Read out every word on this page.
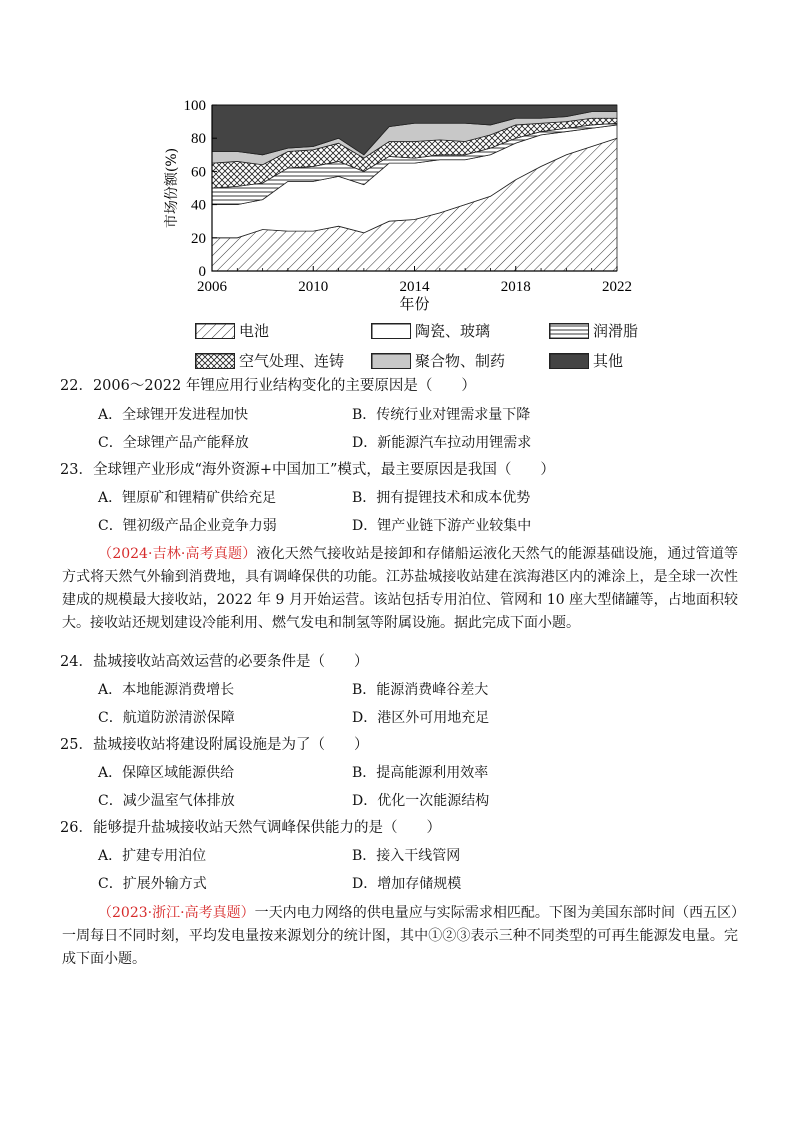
0
20
40
60
80
100
2006	2010	2014	2018	2022
年份
市场份额(%)
电池	陶瓷、玻璃	润滑脂
空气处理、连铸	聚合物、制药	其他
22．2006～2022 年锂应用行业结构变化的主要原因是（　　）
A．全球锂开发进程加快	B．传统行业对锂需求量下降
C．全球锂产品产能释放	D．新能源汽车拉动用锂需求
23．全球锂产业形成“海外资源+中国加工”模式，最主要原因是我国（　　）
A．锂原矿和锂精矿供给充足	B．拥有提锂技术和成本优势
C．锂初级产品企业竞争力弱	D．锂产业链下游产业较集中
（2024·吉林·高考真题）液化天然气接收站是接卸和存储船运液化天然气的能源基础设施，通过管道等方式将天然气外输到消费地，具有调峰保供的功能。江苏盐城接收站建在滨海港区内的滩涂上，是全球一次性建成的规模最大接收站，2022 年 9 月开始运营。该站包括专用泊位、管网和 10 座大型储罐等，占地面积较大。接收站还规划建设冷能利用、燃气发电和制氢等附属设施。据此完成下面小题。
24．盐城接收站高效运营的必要条件是（　　）
A．本地能源消费增长	B．能源消费峰谷差大
C．航道防淤清淤保障	D．港区外可用地充足
25．盐城接收站将建设附属设施是为了（　　）
A．保障区域能源供给	B．提高能源利用效率
C．减少温室气体排放	D．优化一次能源结构
26．能够提升盐城接收站天然气调峰保供能力的是（　　）
A．扩建专用泊位	B．接入干线管网
C．扩展外输方式	D．增加存储规模
（2023·浙江·高考真题）一天内电力网络的供电量应与实际需求相匹配。下图为美国东部时间（西五区）一周每日不同时刻，平均发电量按来源划分的统计图，其中①②③表示三种不同类型的可再生能源发电量。完成下面小题。
